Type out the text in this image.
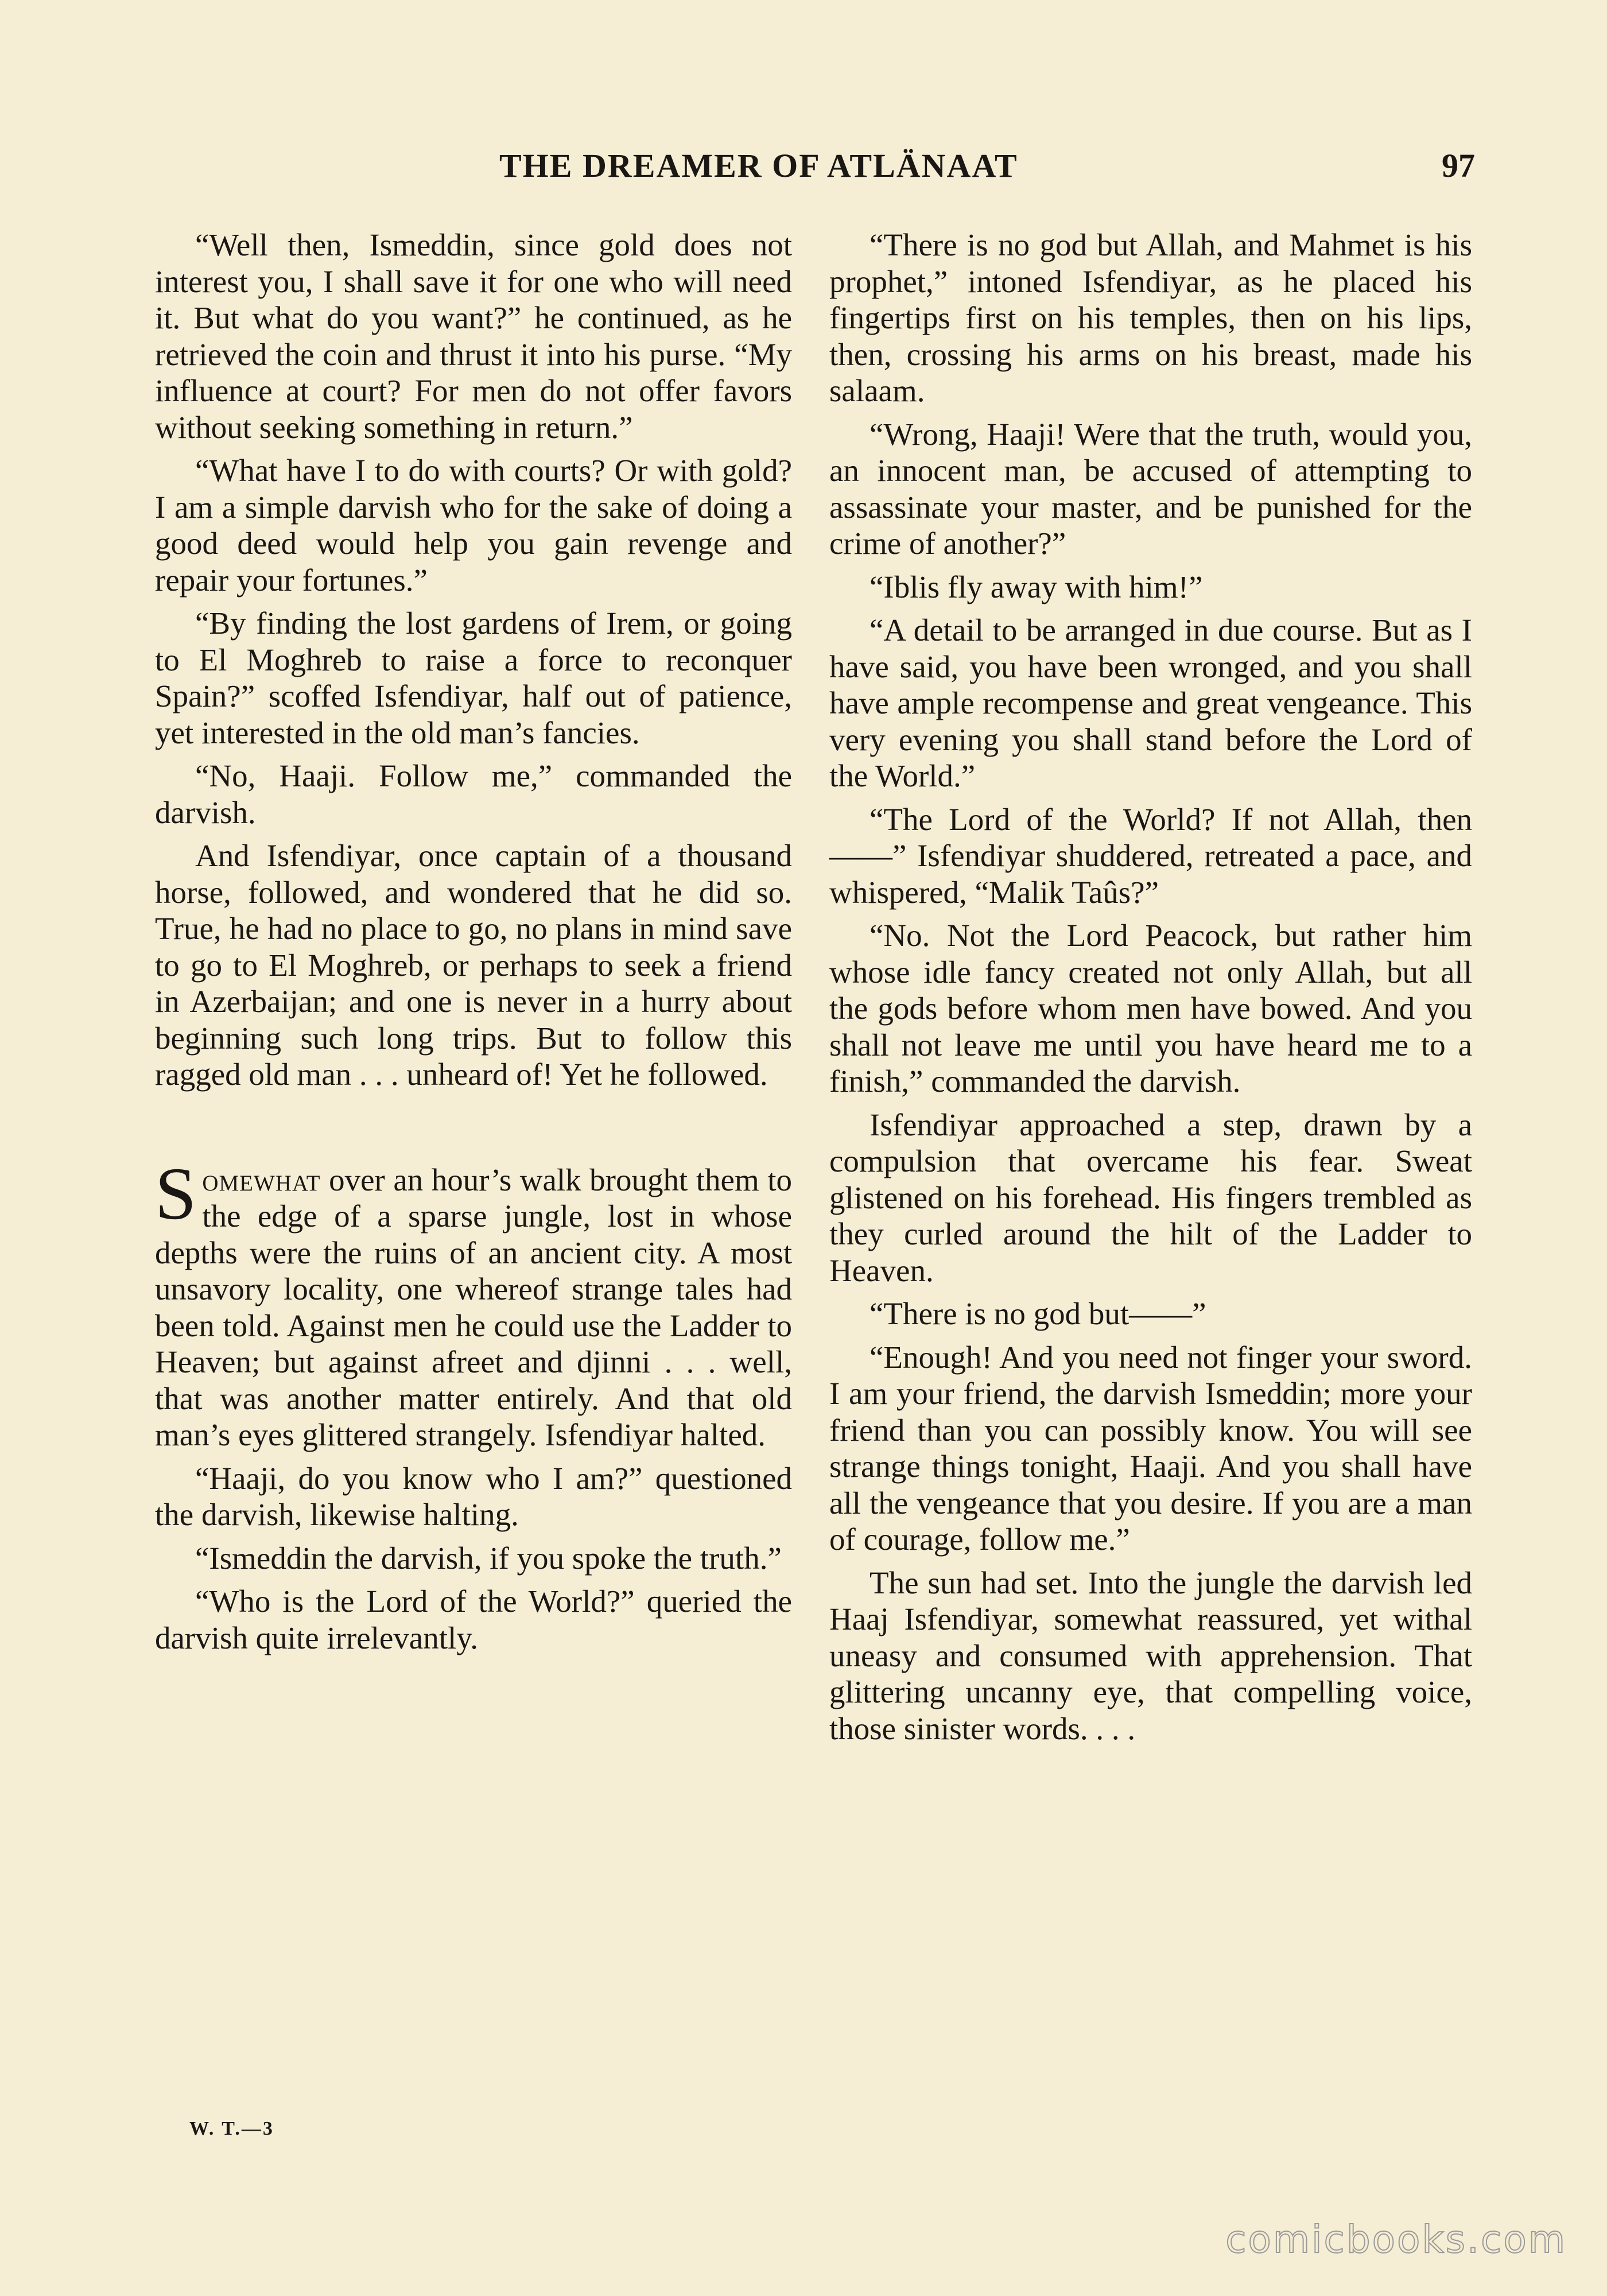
THE DREAMER OF ATLÄNAAT	97

“Well then, Ismeddin, since gold does not interest you, I shall save it for one who will need it. But what do you want?” he continued, as he retrieved the coin and thrust it into his purse. “My influence at court? For men do not offer favors without seeking something in return.”

“What have I to do with courts? Or with gold? I am a simple darvish who for the sake of doing a good deed would help you gain revenge and repair your fortunes.”

“By finding the lost gardens of Irem, or going to El Moghreb to raise a force to reconquer Spain?” scoffed Isfendiyar, half out of patience, yet interested in the old man’s fancies.

“No, Haaji. Follow me,” commanded the darvish.

And Isfendiyar, once captain of a thousand horse, followed, and wondered that he did so. True, he had no place to go, no plans in mind save to go to El Moghreb, or perhaps to seek a friend in Azerbaijan; and one is never in a hurry about beginning such long trips. But to follow this ragged old man . . . unheard of! Yet he followed.

Somewhat over an hour’s walk brought them to the edge of a sparse jungle, lost in whose depths were the ruins of an ancient city. A most unsavory locality, one whereof strange tales had been told. Against men he could use the Ladder to Heaven; but against afreet and djinni . . . well, that was another matter entirely. And that old man’s eyes glittered strangely. Isfendiyar halted.

“Haaji, do you know who I am?” questioned the darvish, likewise halting.

“Ismeddin the darvish, if you spoke the truth.”

“Who is the Lord of the World?” queried the darvish quite irrelevantly.

W. T.—3

“There is no god but Allah, and Mahmet is his prophet,” intoned Isfendiyar, as he placed his fingertips first on his temples, then on his lips, then, crossing his arms on his breast, made his salaam.

“Wrong, Haaji! Were that the truth, would you, an innocent man, be accused of attempting to assassinate your master, and be punished for the crime of another?”

“Iblis fly away with him!”

“A detail to be arranged in due course. But as I have said, you have been wronged, and you shall have ample recompense and great vengeance. This very evening you shall stand before the Lord of the World.”

“The Lord of the World? If not Allah, then——” Isfendiyar shuddered, retreated a pace, and whispered, “Malik Taûs?”

“No. Not the Lord Peacock, but rather him whose idle fancy created not only Allah, but all the gods before whom men have bowed. And you shall not leave me until you have heard me to a finish,” commanded the darvish.

Isfendiyar approached a step, drawn by a compulsion that overcame his fear. Sweat glistened on his forehead. His fingers trembled as they curled around the hilt of the Ladder to Heaven.

“There is no god but——”

“Enough! And you need not finger your sword. I am your friend, the darvish Ismeddin; more your friend than you can possibly know. You will see strange things tonight, Haaji. And you shall have all the vengeance that you desire. If you are a man of courage, follow me.”

The sun had set. Into the jungle the darvish led Haaj Isfendiyar, somewhat reassured, yet withal uneasy and consumed with apprehension. That glittering uncanny eye, that compelling voice, those sinister words. . . .

comicbooks.com
